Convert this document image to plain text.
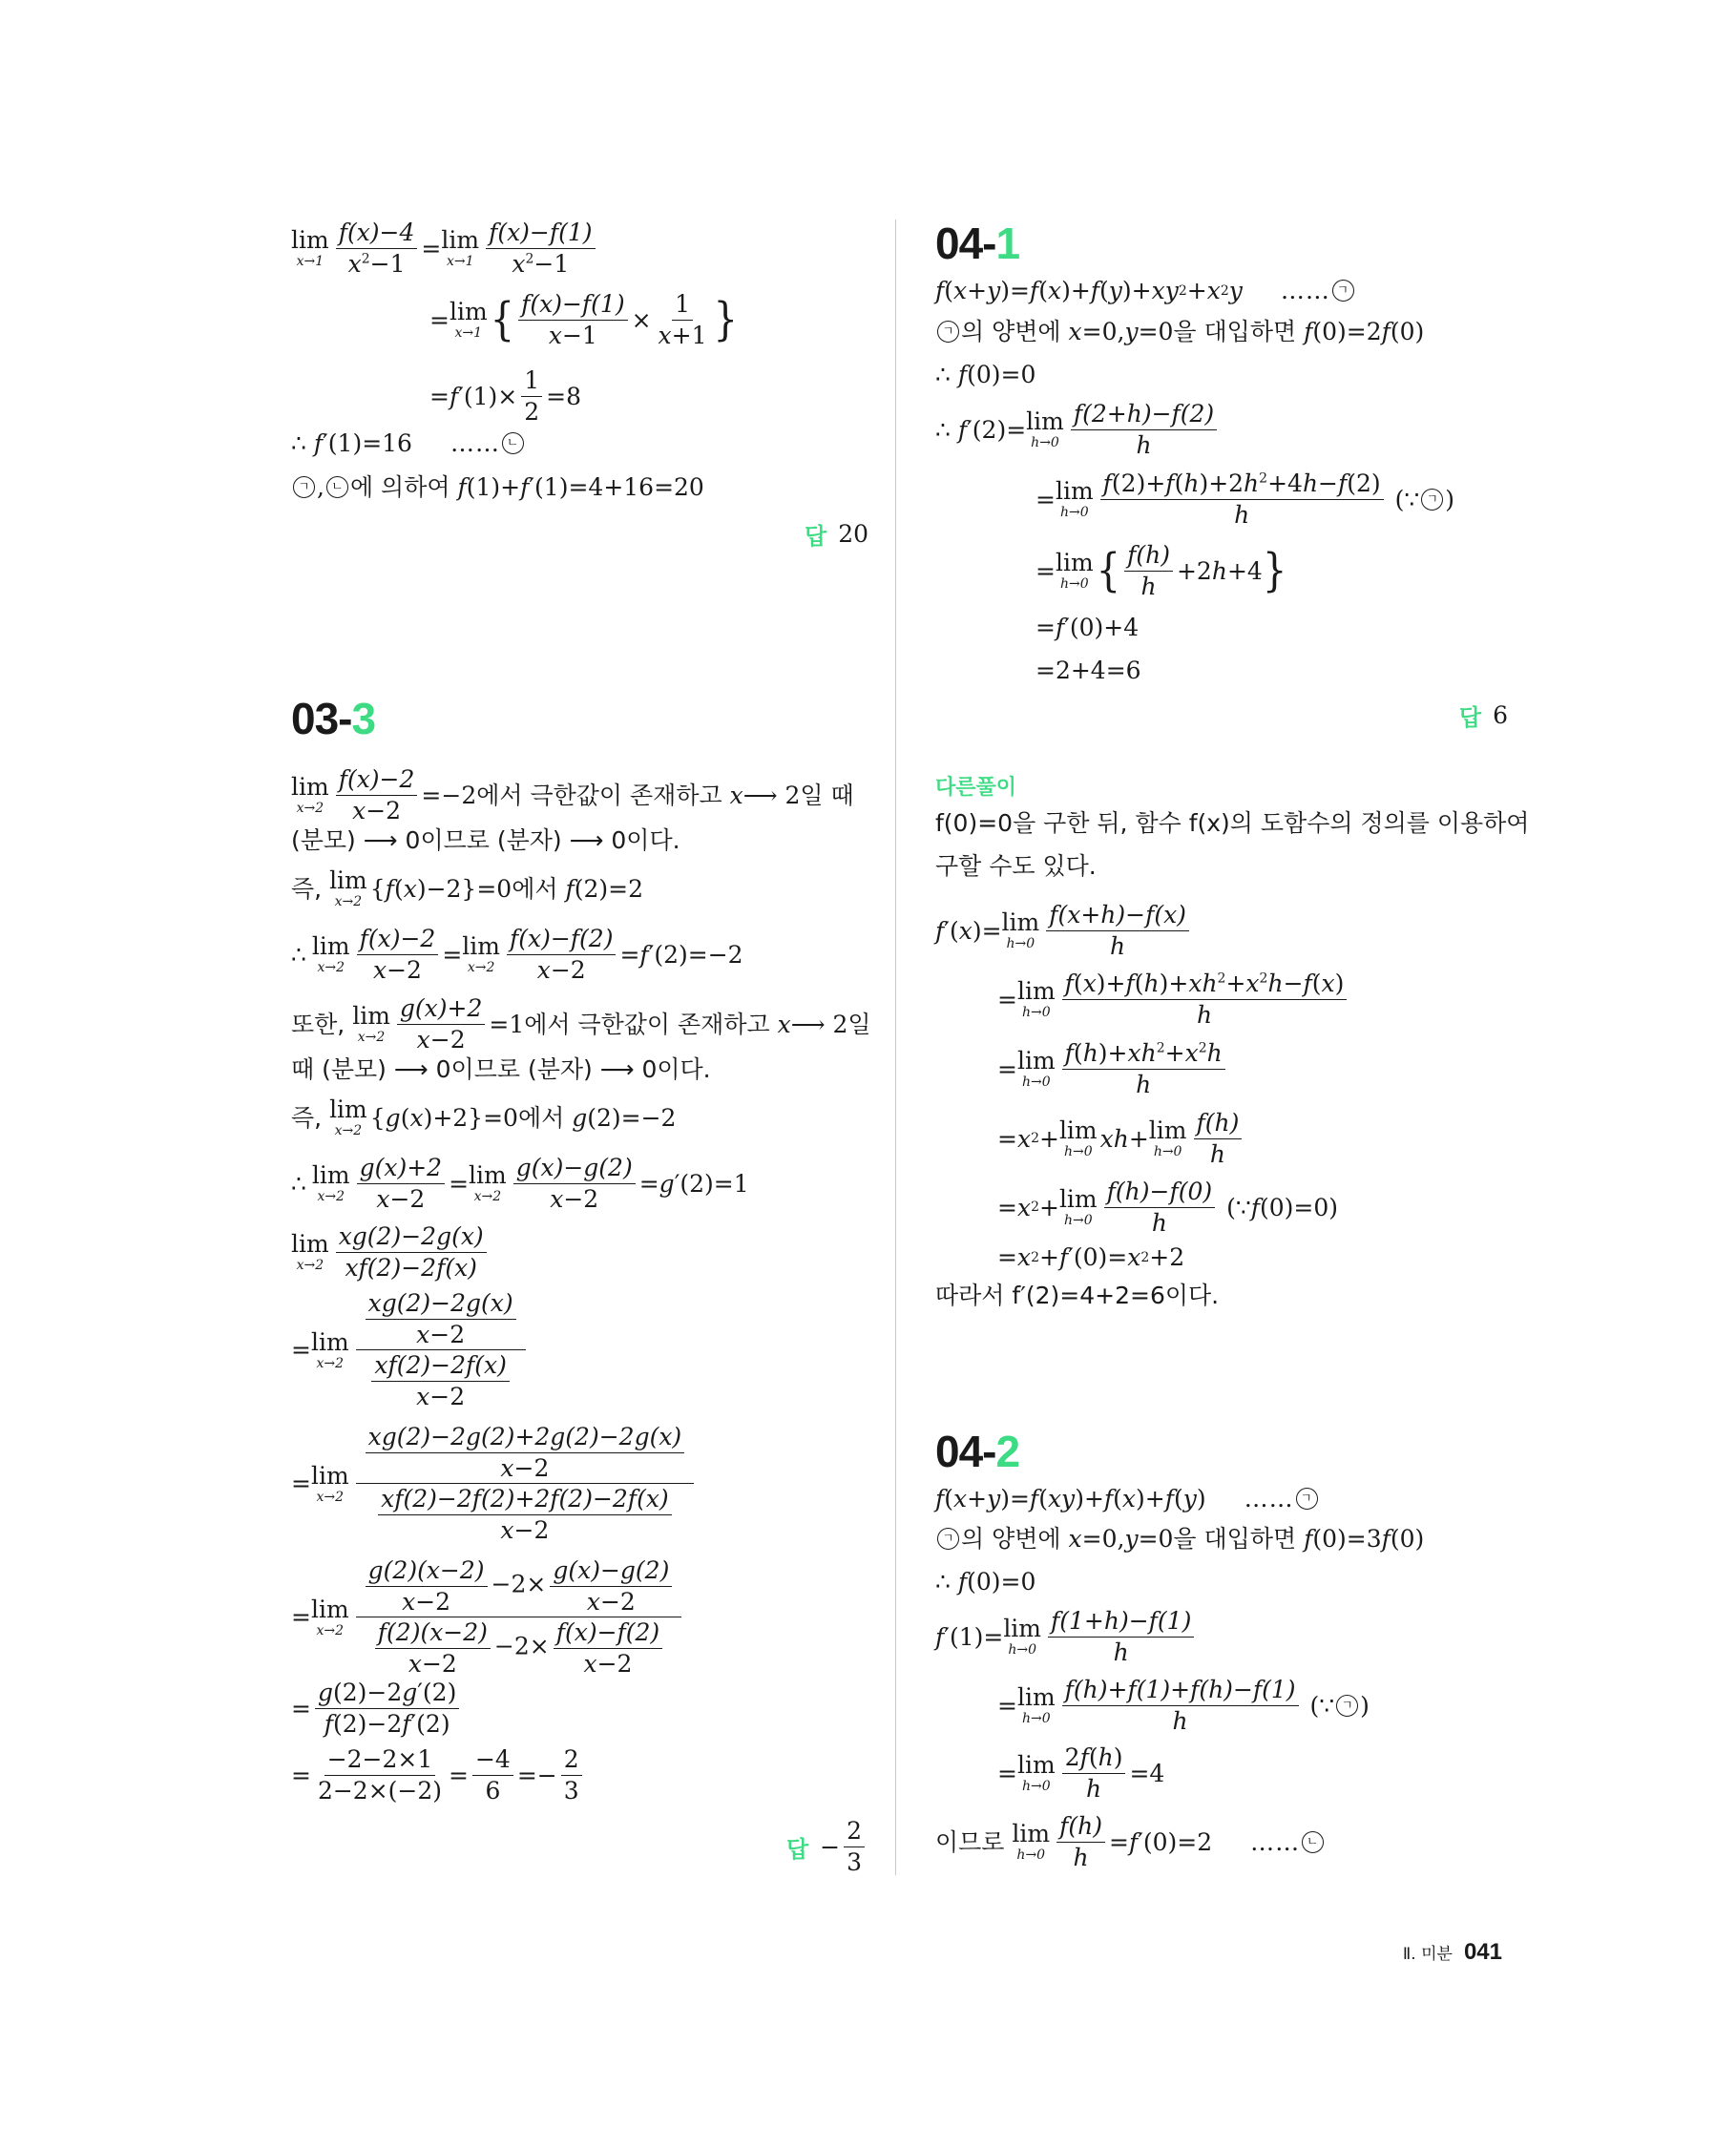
lim
$x\to 1 \frac{f(x)-4}{x^2-1} = \lim$
$x\to 1 \frac{f(x)-f(1)}{x^2-1}$
= lim
x→1 { $\frac{f(x)-f(1)}{x-1} \times \frac{1}{x+1}$ }
= f $'(1)\times \frac{1}{2} =8$
∴ f ′(1)=16 …… ㄴ
ㄱ , ㄴ 에 의하여
f (1)+ f ′(1)=4+16=20
답 20
03-3
lim
$x\to 2 \frac{f(x)-2}{x-2} =-2$ 에서 극한값이 존재하고
x ⟶ 2 일 때
(분모) ⟶ 0이므로 (분자) ⟶ 0이다.
즉,
lim
x→2 { f ( x )−2}=0 에서
f (2)=2
∴ lim
$x\to 2 \frac{f(x)-2}{x-2} = \lim$
$x\to 2 \frac{f(x)-f(2)}{x-2} = f$ ′(2)=−2
또한,
lim
$x\to 2 \frac{g(x)+2}{x-2} =1$ 에서 극한값이 존재하고
x ⟶ 2 일
때 (분모) ⟶ 0이므로 (분자) ⟶ 0이다.
즉,
lim
x→2 { g ( x )+2}=0 에서
g (2)=−2
∴ lim
$x\to 2 \frac{g(x)+2}{x-2} = \lim$
$x\to 2 \frac{g(x)-g(2)}{x-2} = g$ ′(2)=1
lim
$x\to 2 \frac{xg(2)-2g(x)}{xf(2)-2f(x)}$
= lim
$x\to 2 \frac{\frac{xg(2)-2g(x)}{x-2}}{\frac{xf(2)-2f(x)}{x-2}}$
= lim
$x\to 2 \frac{\frac{xg(2)-2g(2)+2g(2)-2g(x)}{x-2}}{\frac{xf(2)-2f(2)+2f(2)-2f(x)}{x-2}}$
= lim
$x\to 2 \frac{\frac{g(2)(x-2)}{x-2} -2\times \frac{g(x)-g(2)}{x-2}}{\frac{f(2)(x-2)}{x-2} -2\times \frac{f(x)-f(2)}{x-2}}$
= $\frac{g(2)-2g'(2)}{f(2)-2f'(2)}$
= $\frac{-2-2\times 1}{2-2\times(-2)} = \frac{-4}{6} =- \frac{2}{3}$
답 − $\frac{2}{3}$
04-1
f ( x + y )= f ( x )+ f ( y )+ xy 2 + x 2 y …… ㄱ
ㄱ 의 양변에
x =0, y =0 을 대입하면
f (0)=2 f (0)
∴ f (0)=0
∴ f ′(2)= lim
$h\to 0 \frac{f(2+h)-f(2)}{h}$
= lim
$h\to 0 \frac{f(2)+f(h)+2h^2+4h-f(2)}{h}$ (∵ ㄱ )
= lim
h→0 { $\frac{f(h)}{h} +2$ h +4 }
= f ′(0)+4
=2+4=6
답 6
다른풀이
f(0)=0을 구한 뒤, 함수 f(x)의 도함수의 정의를 이용하여
구할 수도 있다.
f ′( x )= lim
$h\to 0 \frac{f(x+h)-f(x)}{h}$
= lim
$h\to 0 \frac{f(x)+f(h)+xh^2+x^2h-f(x)}{h}$
= lim
$h\to 0 \frac{f(h)+xh^2+x^2h}{h}$
= x 2 + lim
h→0 xh + lim
$h\to 0 \frac{f(h)}{h}$
= x 2 + lim
$h\to 0 \frac{f(h)-f(0)}{h}$ (∵ f (0)=0)
= x 2 + f ′(0)= x 2 +2
따라서 f′(2)=4+2=6이다.
04-2
f ( x + y )= f ( xy )+ f ( x )+ f ( y ) …… ㄱ
ㄱ 의 양변에
x =0, y =0 을 대입하면
f (0)=3 f (0)
∴ f (0)=0
f ′(1)= lim
$h\to 0 \frac{f(1+h)-f(1)}{h}$
= lim
$h\to 0 \frac{f(h)+f(1)+f(h)-f(1)}{h}$ (∵ ㄱ )
= lim
$h\to 0 \frac{2f(h)}{h} =4$
이므로
lim
$h\to 0 \frac{f(h)}{h} = f$ ′(0)=2 …… ㄴ
Ⅱ. 미분 041
